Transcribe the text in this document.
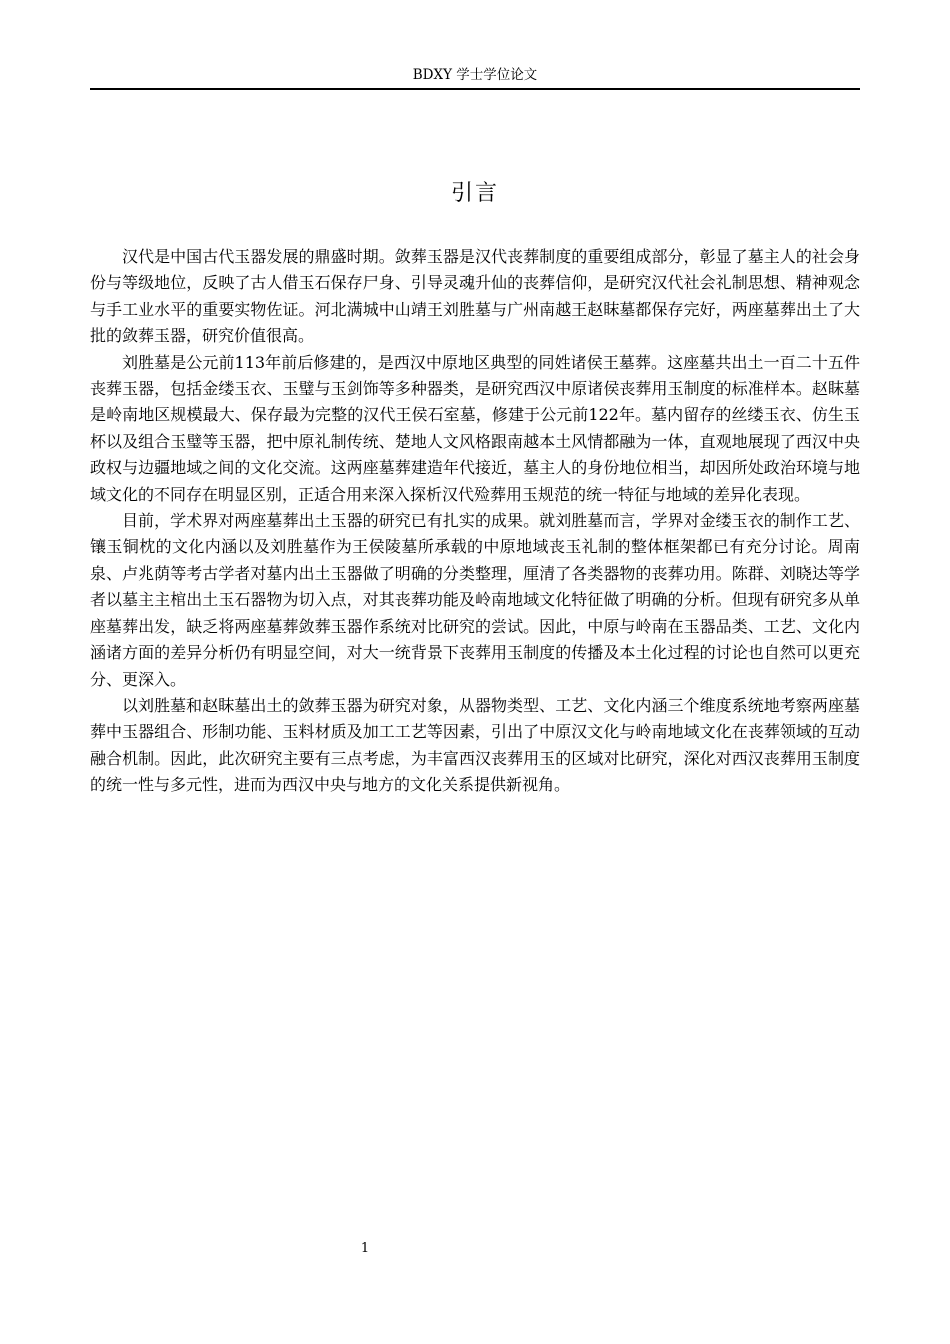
BDXY 学士学位论文
引言

汉代是中国古代玉器发展的鼎盛时期。敛葬玉器是汉代丧葬制度的重要组成部分，彰显了墓主人的社会身份与等级地位，反映了古人借玉石保存尸身、引导灵魂升仙的丧葬信仰，是研究汉代社会礼制思想、精神观念与手工业水平的重要实物佐证。河北满城中山靖王刘胜墓与广州南越王赵眜墓都保存完好，两座墓葬出土了大批的敛葬玉器，研究价值很高。

刘胜墓是公元前113年前后修建的，是西汉中原地区典型的同姓诸侯王墓葬。这座墓共出土一百二十五件丧葬玉器，包括金缕玉衣、玉璧与玉剑饰等多种器类，是研究西汉中原诸侯丧葬用玉制度的标准样本。赵眜墓是岭南地区规模最大、保存最为完整的汉代王侯石室墓，修建于公元前122年。墓内留存的丝缕玉衣、仿生玉杯以及组合玉璧等玉器，把中原礼制传统、楚地人文风格跟南越本土风情都融为一体，直观地展现了西汉中央政权与边疆地域之间的文化交流。这两座墓葬建造年代接近，墓主人的身份地位相当，却因所处政治环境与地域文化的不同存在明显区别，正适合用来深入探析汉代殓葬用玉规范的统一特征与地域的差异化表现。

目前，学术界对两座墓葬出土玉器的研究已有扎实的成果。就刘胜墓而言，学界对金缕玉衣的制作工艺、镶玉铜枕的文化内涵以及刘胜墓作为王侯陵墓所承载的中原地域丧玉礼制的整体框架都已有充分讨论。周南泉、卢兆荫等考古学者对墓内出土玉器做了明确的分类整理，厘清了各类器物的丧葬功用。陈群、刘晓达等学者以墓主主棺出土玉石器物为切入点，对其丧葬功能及岭南地域文化特征做了明确的分析。但现有研究多从单座墓葬出发，缺乏将两座墓葬敛葬玉器作系统对比研究的尝试。因此，中原与岭南在玉器品类、工艺、文化内涵诸方面的差异分析仍有明显空间，对大一统背景下丧葬用玉制度的传播及本土化过程的讨论也自然可以更充分、更深入。

以刘胜墓和赵眜墓出土的敛葬玉器为研究对象，从器物类型、工艺、文化内涵三个维度系统地考察两座墓葬中玉器组合、形制功能、玉料材质及加工工艺等因素，引出了中原汉文化与岭南地域文化在丧葬领域的互动融合机制。因此，此次研究主要有三点考虑，为丰富西汉丧葬用玉的区域对比研究，深化对西汉丧葬用玉制度的统一性与多元性，进而为西汉中央与地方的文化关系提供新视角。

1
